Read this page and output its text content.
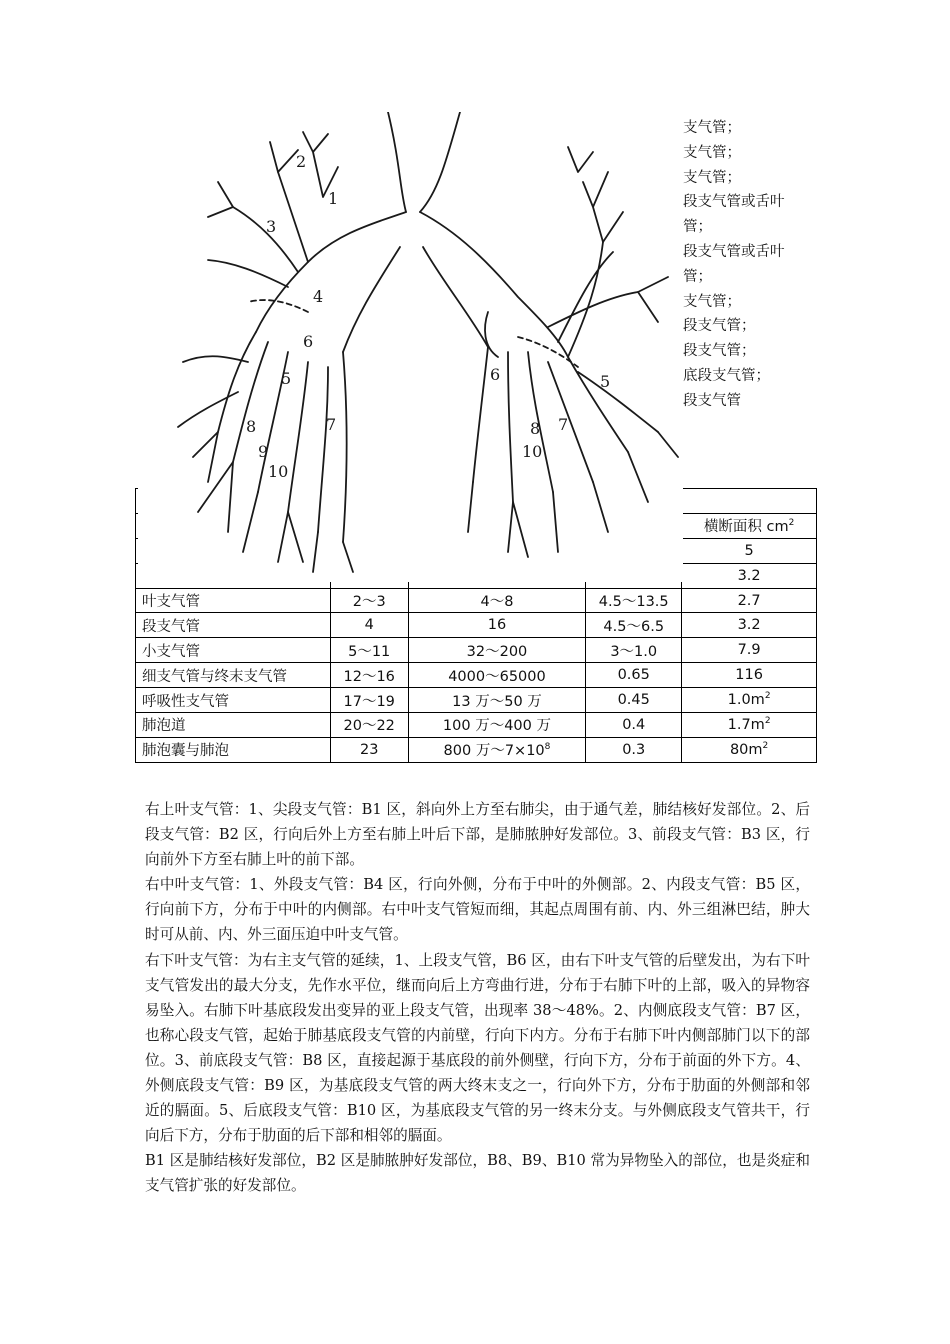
支气管；
支气管；
支气管；
段支气管或舌叶
管；
段支气管或舌叶
管；
支气管；
段支气管；
段支气管；
底段支气管；
段支气管

				横断面积 $cm^2$
				5
				3.2
叶支气管	2～3	4～8	4.5～13.5	2.7
段支气管	4	16	4.5～6.5	3.2
小支气管	5～11	32～200	3～1.0	7.9
细支气管与终末支气管	12～16	4000～65000	0.65	116
呼吸性支气管	17～19	13 万～50 万	0.45	$1.0m^2$
肺泡道	20～22	100 万～400 万	0.4	$1.7m^2$
肺泡囊与肺泡	23	800 万$\sim 7\times 10^8$	0.3	$80m^2$
1
2
3
4
5
6
7
8
9
10
5
6
8
10
7

右上叶支气管：1、尖段支气管：B1 区，斜向外上方至右肺尖，由于通气差，肺结核好发部位。2、后段支气管：B2 区，行向后外上方至右肺上叶后下部，是肺脓肿好发部位。3、前段支气管：B3 区，行向前外下方至右肺上叶的前下部。

右中叶支气管：1、外段支气管：B4 区，行向外侧，分布于中叶的外侧部。2、内段支气管：B5 区，行向前下方，分布于中叶的内侧部。右中叶支气管短而细，其起点周围有前、内、外三组淋巴结，肿大时可从前、内、外三面压迫中叶支气管。

右下叶支气管：为右主支气管的延续，1、上段支气管，B6 区，由右下叶支气管的后壁发出，为右下叶支气管发出的最大分支，先作水平位，继而向后上方弯曲行进，分布于右肺下叶的上部，吸入的异物容易坠入。右肺下叶基底段发出变异的亚上段支气管，出现率 38～48%。2、内侧底段支气管：B7 区，也称心段支气管，起始于肺基底段支气管的内前壁，行向下内方。分布于右肺下叶内侧部肺门以下的部位。3、前底段支气管：B8 区，直接起源于基底段的前外侧壁，行向下方，分布于前面的外下方。4、外侧底段支气管：B9 区，为基底段支气管的两大终末支之一，行向外下方，分布于肋面的外侧部和邻近的膈面。5、后底段支气管：B10 区，为基底段支气管的另一终末分支。与外侧底段支气管共干，行向后下方，分布于肋面的后下部和相邻的膈面。

B1 区是肺结核好发部位，B2 区是肺脓肿好发部位，B8、B9、B10 常为异物坠入的部位，也是炎症和支气管扩张的好发部位。
